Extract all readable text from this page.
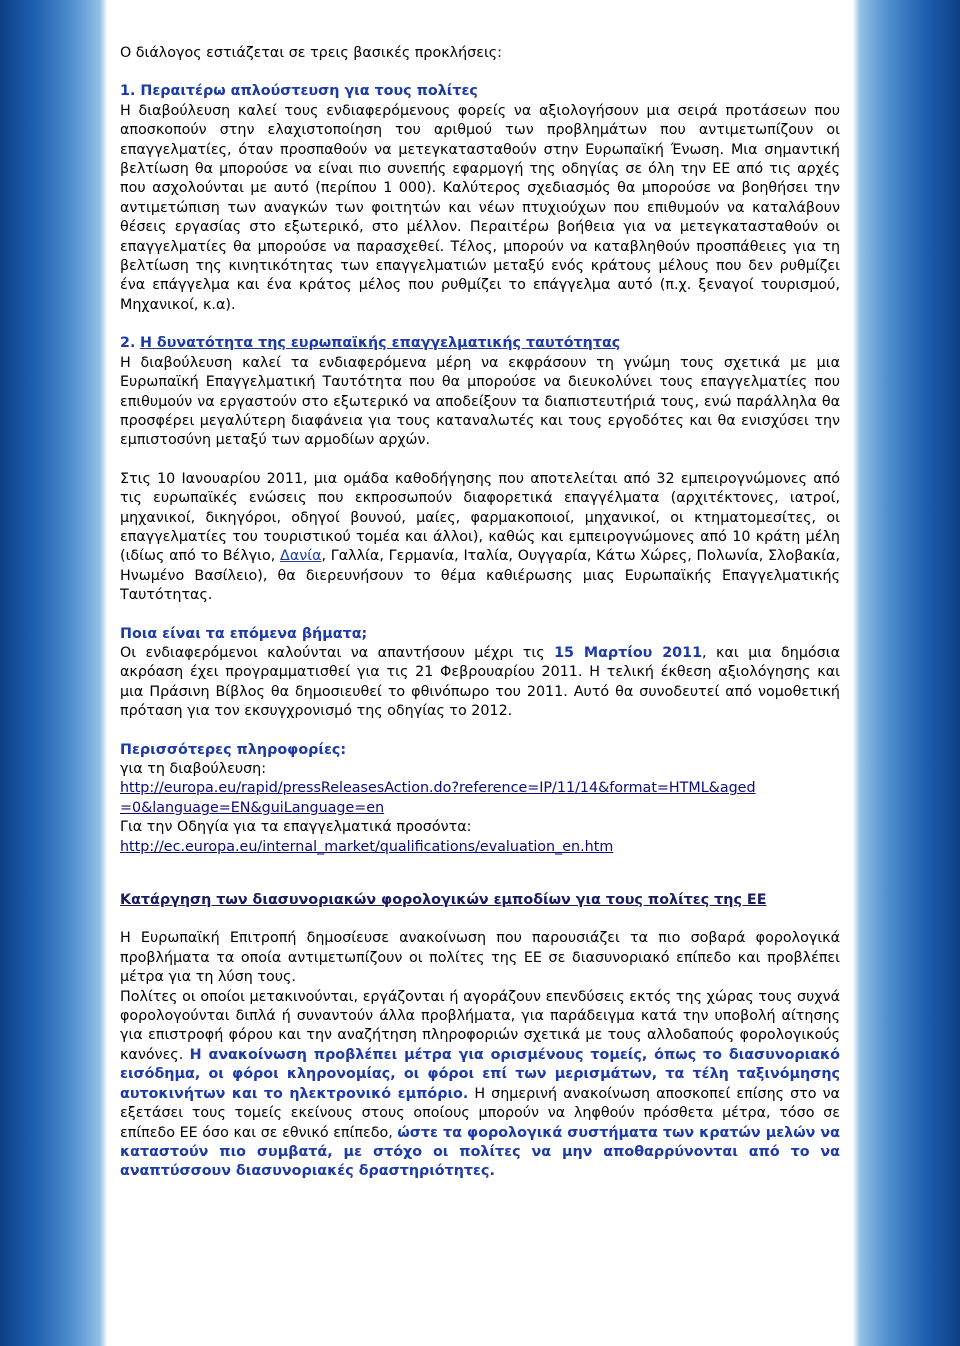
Ο διάλογος εστιάζεται σε τρεις βασικές προκλήσεις:

1. Περαιτέρω απλούστευση για τους πολίτες

Η διαβούλευση καλεί τους ενδιαφερόμενους φορείς να αξιολογήσουν μια σειρά προτάσεων που αποσκοπούν στην ελαχιστοποίηση του αριθμού των προβλημάτων που αντιμετωπίζουν οι επαγγελματίες, όταν προσπαθούν να μετεγκατασταθούν στην Ευρωπαϊκή Ένωση. Μια σημαντική βελτίωση θα μπορούσε να είναι πιο συνεπής εφαρμογή της οδηγίας σε όλη την ΕΕ από τις αρχές που ασχολούνται με αυτό (περίπου 1 000). Καλύτερος σχεδιασμός θα μπορούσε να βοηθήσει την αντιμετώπιση των αναγκών των φοιτητών και νέων πτυχιούχων που επιθυμούν να καταλάβουν θέσεις εργασίας στο εξωτερικό, στο μέλλον. Περαιτέρω βοήθεια για να μετεγκατασταθούν οι επαγγελματίες θα μπορούσε να παρασχεθεί. Τέλος, μπορούν να καταβληθούν προσπάθειες για τη βελτίωση της κινητικότητας των επαγγελματιών μεταξύ ενός κράτους μέλους που δεν ρυθμίζει ένα επάγγελμα και ένα κράτος μέλος που ρυθμίζει το επάγγελμα αυτό (π.χ. ξεναγοί τουρισμού, Μηχανικοί, κ.α).

2. Η δυνατότητα της ευρωπαϊκής επαγγελματικής ταυτότητας

Η διαβούλευση καλεί τα ενδιαφερόμενα μέρη να εκφράσουν τη γνώμη τους σχετικά με μια Ευρωπαϊκή Επαγγελματική Ταυτότητα που θα μπορούσε να διευκολύνει τους επαγγελματίες που επιθυμούν να εργαστούν στο εξωτερικό να αποδείξουν τα διαπιστευτήριά τους, ενώ παράλληλα θα προσφέρει μεγαλύτερη διαφάνεια για τους καταναλωτές και τους εργοδότες και θα ενισχύσει την εμπιστοσύνη μεταξύ των αρμοδίων αρχών.

Στις 10 Ιανουαρίου 2011, μια ομάδα καθοδήγησης που αποτελείται από 32 εμπειρογνώμονες από τις ευρωπαϊκές ενώσεις που εκπροσωπούν διαφορετικά επαγγέλματα (αρχιτέκτονες, ιατροί, μηχανικοί, δικηγόροι, οδηγοί βουνού, μαίες, φαρμακοποιοί, μηχανικοί, οι κτηματομεσίτες, οι επαγγελματίες του τουριστικού τομέα και άλλοι), καθώς και εμπειρογνώμονες από 10 κράτη μέλη (ιδίως από το Βέλγιο, Δανία, Γαλλία, Γερμανία, Ιταλία, Ουγγαρία, Κάτω Χώρες, Πολωνία, Σλοβακία, Ηνωμένο Βασίλειο), θα διερευνήσουν το θέμα καθιέρωσης μιας Ευρωπαϊκής Επαγγελματικής Ταυτότητας.

Ποια είναι τα επόμενα βήματα;

Οι ενδιαφερόμενοι καλούνται να απαντήσουν μέχρι τις 15 Μαρτίου 2011, και μια δημόσια ακρόαση έχει προγραμματισθεί για τις 21 Φεβρουαρίου 2011. Η τελική έκθεση αξιολόγησης και μια Πράσινη Βίβλος θα δημοσιευθεί το φθινόπωρο του 2011. Αυτό θα συνοδευτεί από νομοθετική πρόταση για τον εκσυγχρονισμό της οδηγίας το 2012.

Περισσότερες πληροφορίες:

για τη διαβούλευση:

http://europa.eu/rapid/pressReleasesAction.do?reference=IP/11/14&format=HTML&aged
=0&language=EN&guiLanguage=en

Για την Οδηγία για τα επαγγελματικά προσόντα:

http://ec.europa.eu/internal_market/qualifications/evaluation_en.htm

Κατάργηση των διασυνοριακών φορολογικών εμποδίων για τους πολίτες της ΕΕ

Η Ευρωπαϊκή Επιτροπή δημοσίευσε ανακοίνωση που παρουσιάζει τα πιο σοβαρά φορολογικά προβλήματα τα οποία αντιμετωπίζουν οι πολίτες της ΕΕ σε διασυνοριακό επίπεδο και προβλέπει μέτρα για τη λύση τους.

Πολίτες οι οποίοι μετακινούνται, εργάζονται ή αγοράζουν επενδύσεις εκτός της χώρας τους συχνά φορολογούνται διπλά ή συναντούν άλλα προβλήματα, για παράδειγμα κατά την υποβολή αίτησης για επιστροφή φόρου και την αναζήτηση πληροφοριών σχετικά με τους αλλοδαπούς φορολογικούς κανόνες. Η ανακοίνωση προβλέπει μέτρα για ορισμένους τομείς, όπως το διασυνοριακό εισόδημα, οι φόροι κληρονομίας, οι φόροι επί των μερισμάτων, τα τέλη ταξινόμησης αυτοκινήτων και το ηλεκτρονικό εμπόριο. Η σημερινή ανακοίνωση αποσκοπεί επίσης στο να εξετάσει τους τομείς εκείνους στους οποίους μπορούν να ληφθούν πρόσθετα μέτρα, τόσο σε επίπεδο ΕΕ όσο και σε εθνικό επίπεδο, ώστε τα φορολογικά συστήματα των κρατών μελών να καταστούν πιο συμβατά, με στόχο οι πολίτες να μην αποθαρρύνονται από το να αναπτύσσουν διασυνοριακές δραστηριότητες.
